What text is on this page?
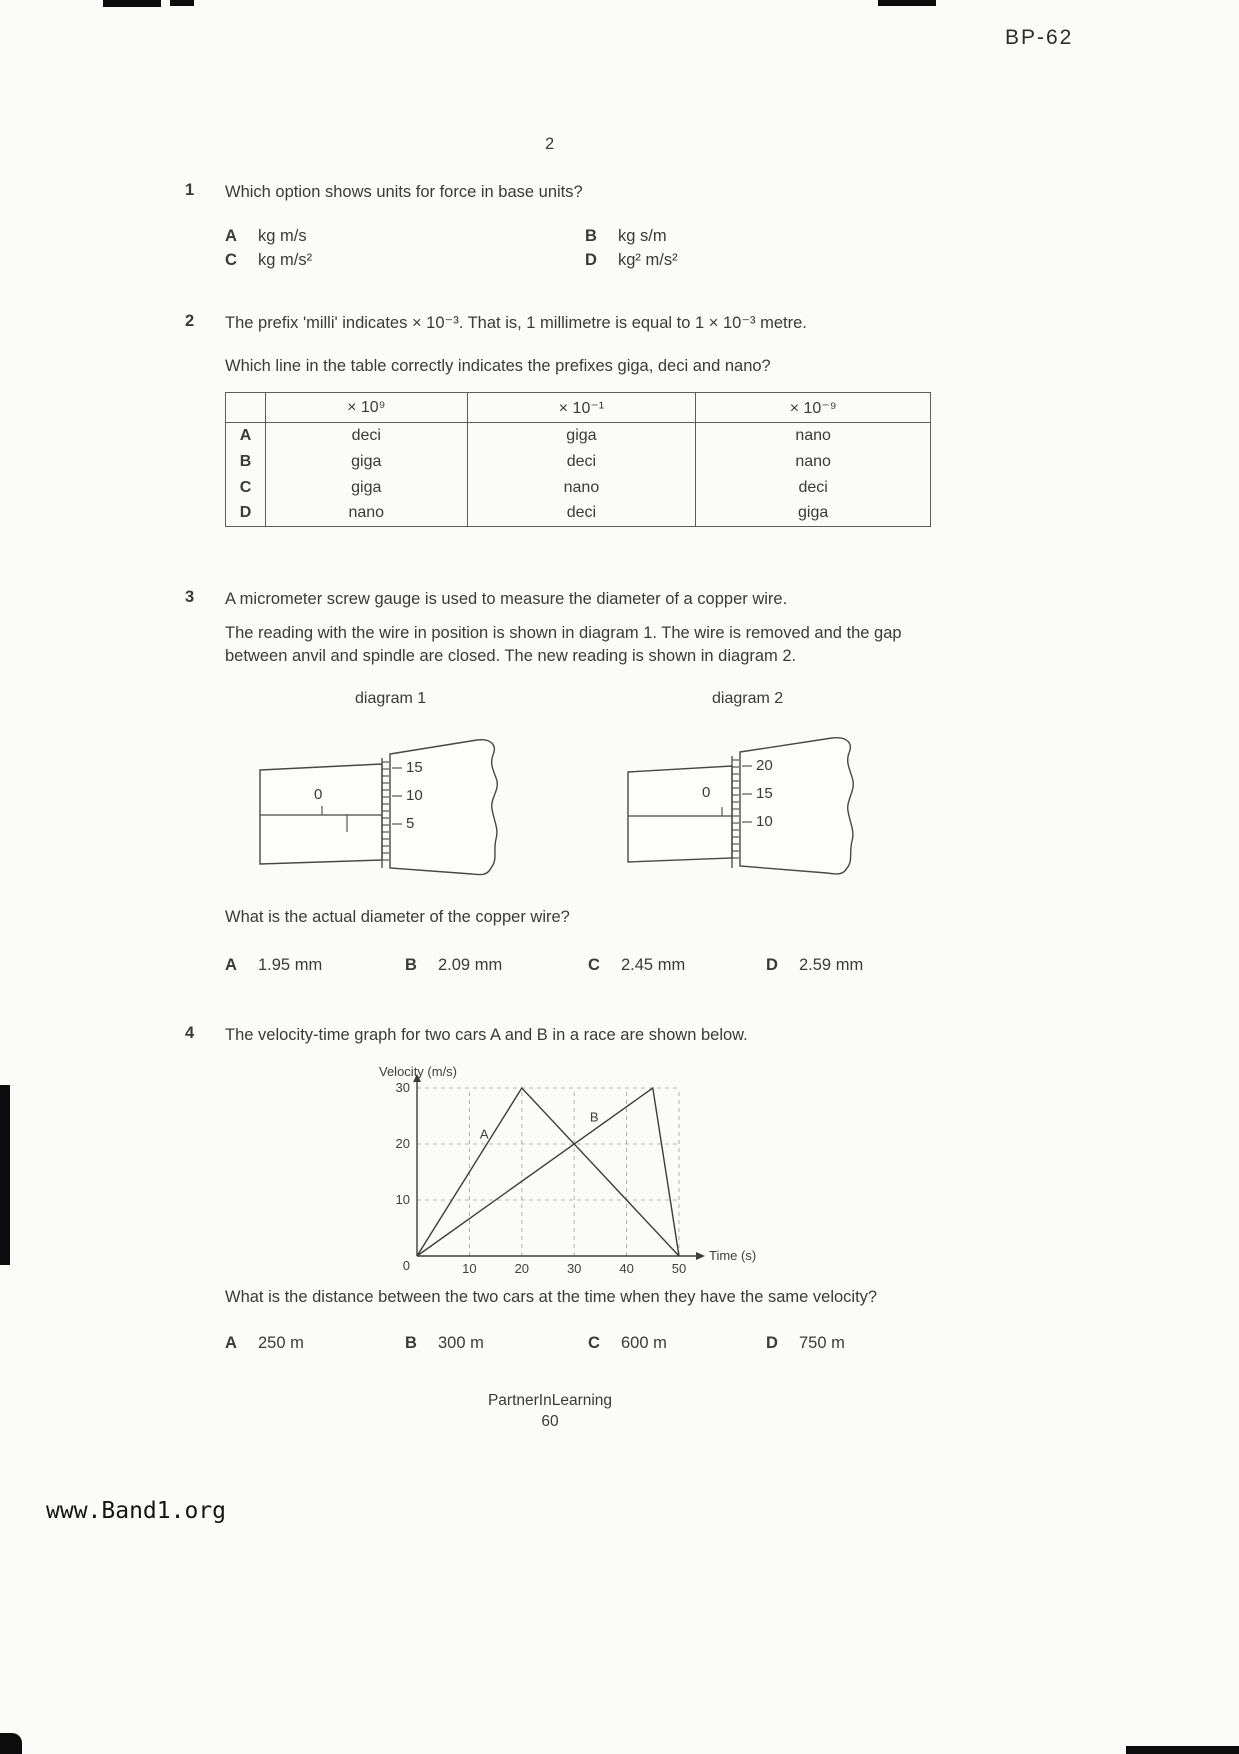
BP-62
2
1 Which option shows units for force in base units?
A kg m/s	B kg s/m
C kg m/s²	D kg² m/s²
2 The prefix 'milli' indicates × 10⁻³. That is, 1 millimetre is equal to 1 × 10⁻³ metre.
Which line in the table correctly indicates the prefixes giga, deci and nano?
	× 10⁹	× 10⁻¹	× 10⁻⁹
A	deci	giga	nano
B	giga	deci	nano
C	giga	nano	deci
D	nano	deci	giga
3 A micrometer screw gauge is used to measure the diameter of a copper wire.
The reading with the wire in position is shown in diagram 1. The wire is removed and the gap between anvil and spindle are closed. The new reading is shown in diagram 2.
diagram 1	diagram 2
0
15
10
5
0
20
15
10
What is the actual diameter of the copper wire?
A 1.95 mm	B 2.09 mm	C 2.45 mm	D 2.59 mm
4 The velocity-time graph for two cars A and B in a race are shown below.
10	20	30	40	50
10
20
30
0
A
B
Velocity (m/s)
Time (s)
What is the distance between the two cars at the time when they have the same velocity?
A 250 m	B 300 m	C 600 m	D 750 m
PartnerInLearning
60
www.Band1.org
